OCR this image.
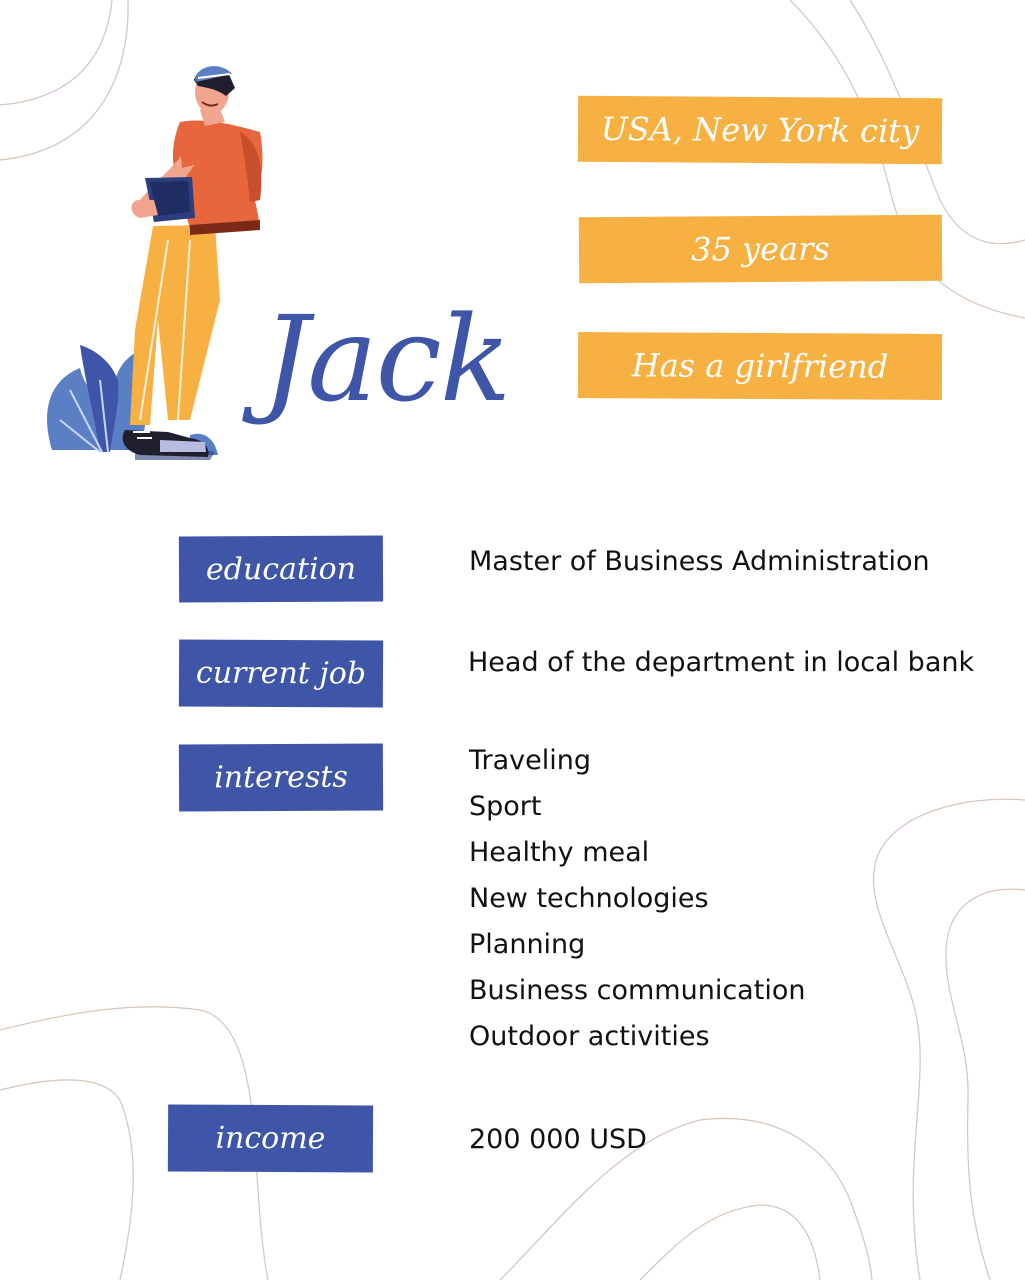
Jack
USA, New York city
35 years
Has a girlfriend
education	Master of Business Administration
current job	Head of the department in local bank
interests	Traveling
Sport
Healthy meal
New technologies
Planning
Business communication
Outdoor activities
income	200 000 USD
